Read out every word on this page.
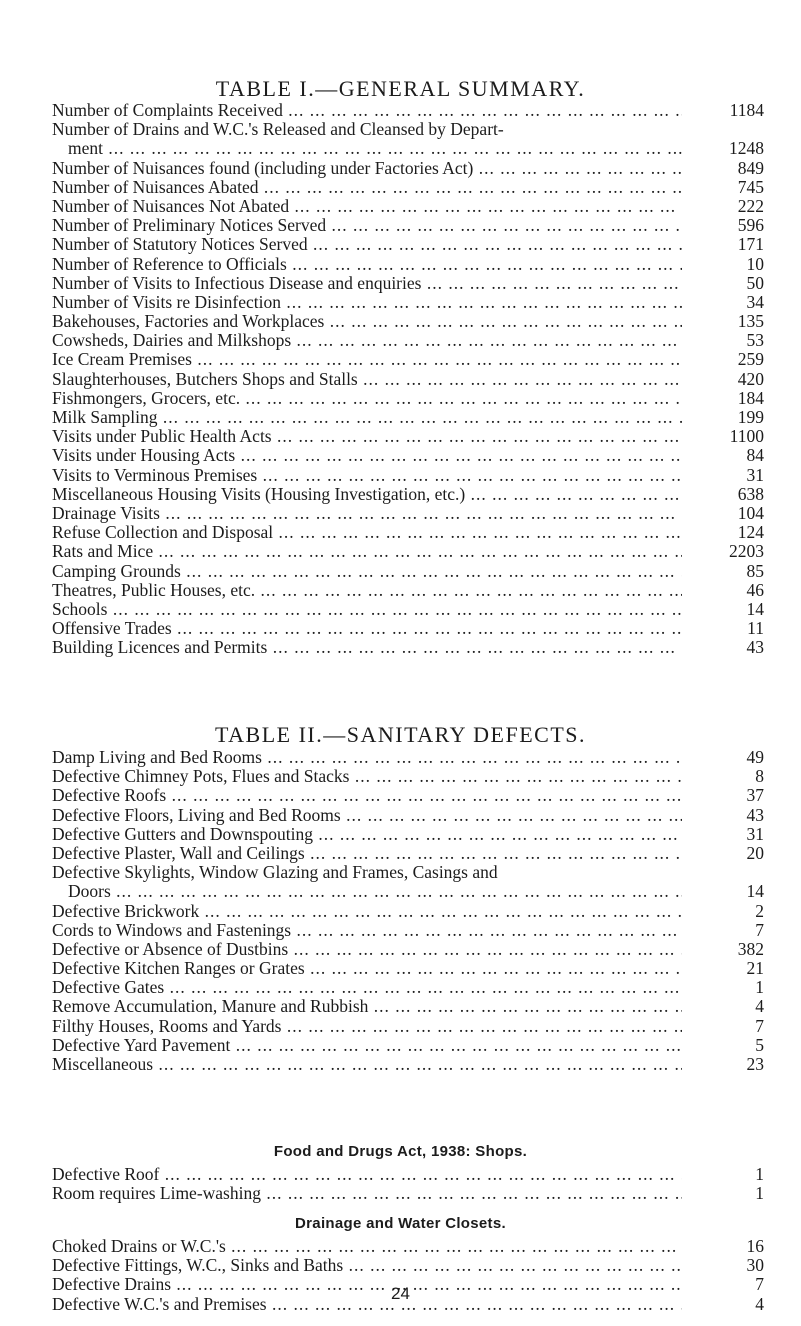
TABLE I.—GENERAL SUMMARY.
Number of Complaints Received ... .	1184
Number of Drains and W.C.'s Released and Cleansed by Depart-
ment ... .	1248
Number of Nuisances found (including under Factories Act) ... .	849
Number of Nuisances Abated ... .	745
Number of Nuisances Not Abated ... .	222
Number of Preliminary Notices Served ... .	596
Number of Statutory Notices Served ... .	171
Number of Reference to Officials ... .	10
Number of Visits to Infectious Disease and enquiries ... .	50
Number of Visits re Disinfection ... .	34
Bakehouses, Factories and Workplaces ... .	135
Cowsheds, Dairies and Milkshops ... .	53
Ice Cream Premises ... .	259
Slaughterhouses, Butchers Shops and Stalls ... .	420
Fishmongers, Grocers, etc. ... .	184
Milk Sampling ... .	199
Visits under Public Health Acts ... .	1100
Visits under Housing Acts ... .	84
Visits to Verminous Premises ... .	31
Miscellaneous Housing Visits (Housing Investigation, etc.) ... .	638
Drainage Visits ... .	104
Refuse Collection and Disposal ... .	124
Rats and Mice ... .	2203
Camping Grounds ... .	85
Theatres, Public Houses, etc. ... .	46
Schools ... .	14
Offensive Trades ... .	11
Building Licences and Permits ... .	43
TABLE II.—SANITARY DEFECTS.
Damp Living and Bed Rooms ... .	49
Defective Chimney Pots, Flues and Stacks ... .	8
Defective Roofs ... .	37
Defective Floors, Living and Bed Rooms ... .	43
Defective Gutters and Downspouting ... .	31
Defective Plaster, Wall and Ceilings ... .	20
Defective Skylights, Window Glazing and Frames, Casings and
Doors ... .	14
Defective Brickwork ... .	2
Cords to Windows and Fastenings ... .	7
Defective or Absence of Dustbins ... .	382
Defective Kitchen Ranges or Grates ... .	21
Defective Gates ... .	1
Remove Accumulation, Manure and Rubbish ... .	4
Filthy Houses, Rooms and Yards ... .	7
Defective Yard Pavement ... .	5
Miscellaneous ... .	23
Food and Drugs Act, 1938: Shops.
Defective Roof ... .	1
Room requires Lime-washing ... .	1
Drainage and Water Closets.
Choked Drains or W.C.'s ... .	16
Defective Fittings, W.C., Sinks and Baths ... .	30
Defective Drains ... .	7
Defective W.C.'s and Premises ... .	4
24
